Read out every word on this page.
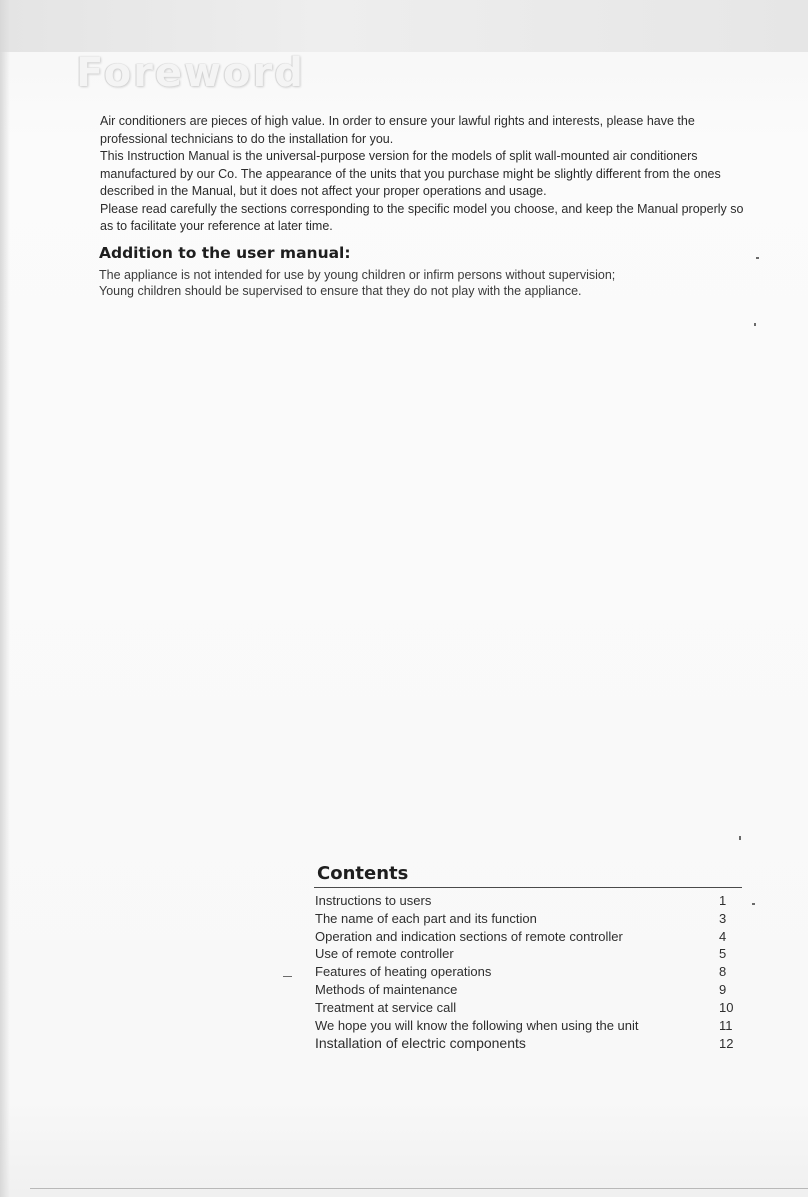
Foreword

Air conditioners are pieces of high value. In order to ensure your lawful rights and interests, please have the professional technicians to do the installation for you.

This Instruction Manual is the universal-purpose version for the models of split wall-mounted air conditioners manufactured by our Co. The appearance of the units that you purchase might be slightly different from the ones described in the Manual, but it does not affect your proper operations and usage.

Please read carefully the sections corresponding to the specific model you choose, and keep the Manual properly so as to facilitate your reference at later time.

Addition to the user manual:

The appliance is not intended for use by young children or infirm persons without supervision;

Young children should be supervised to ensure that they do not play with the appliance.

Contents
Instructions to users	1
The name of each part and its function	3
Operation and indication sections of remote controller	4
Use of remote controller	5
Features of heating operations	8
Methods of maintenance	9
Treatment at service call	10
We hope you will know the following when using the unit	11
Installation of electric components	12
